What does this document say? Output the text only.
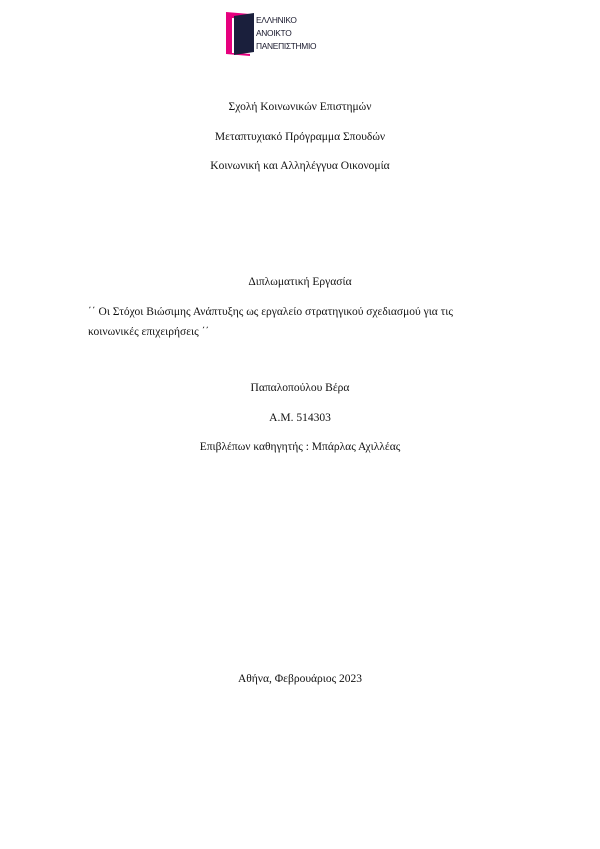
ΕΛΛΗΝΙΚΟ
ΑΝΟΙΚΤΟ
ΠΑΝΕΠΙΣΤΗΜΙΟ
Σχολή Κοινωνικών Επιστημών
Μεταπτυχιακό Πρόγραμμα Σπουδών
Κοινωνική και Αλληλέγγυα Οικονομία
Διπλωματική Εργασία
΄΄ Οι Στόχοι Βιώσιμης Ανάπτυξης ως εργαλείο στρατηγικού σχεδιασμού για τις
κοινωνικές επιχειρήσεις ΄΄
Παπαλοπούλου Βέρα
Α.Μ. 514303
Επιβλέπων καθηγητής : Μπάρλας Αχιλλέας
Αθήνα, Φεβρουάριος 2023
